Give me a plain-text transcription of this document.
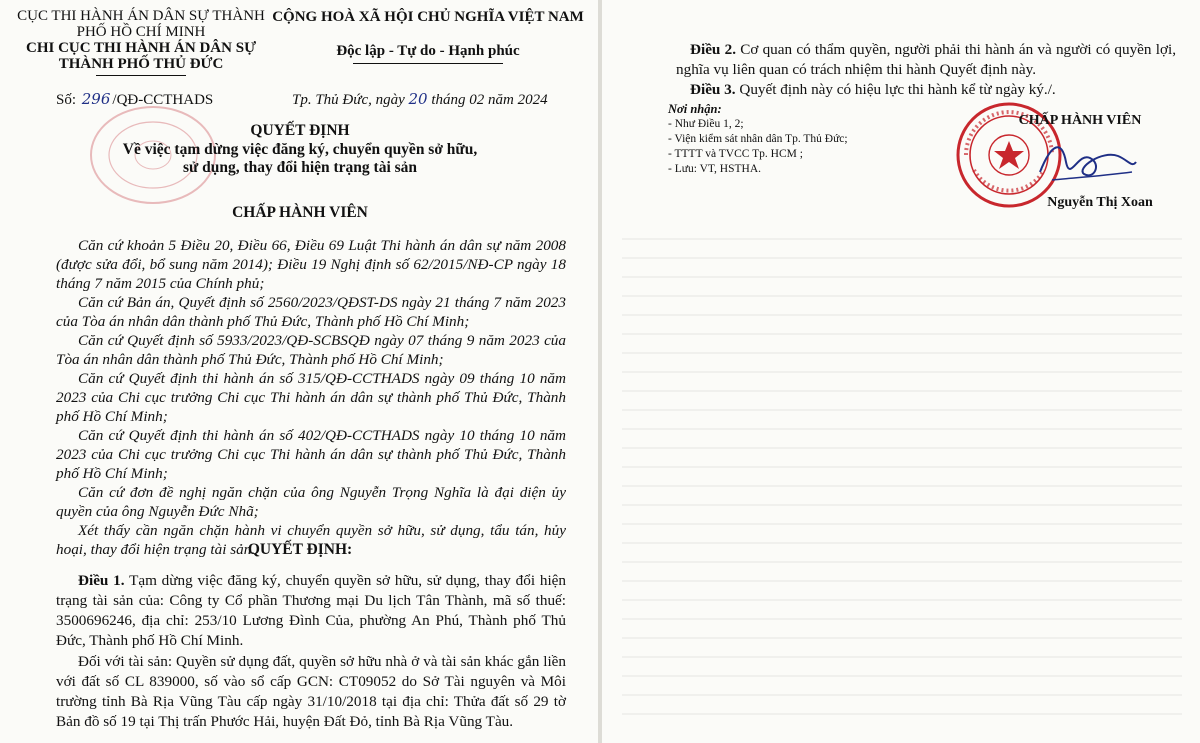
CỤC THI HÀNH ÁN DÂN SỰ THÀNH PHỐ HỒ CHÍ MINH
CHI CỤC THI HÀNH ÁN DÂN SỰ THÀNH PHỐ THỦ ĐỨC
CỘNG HOÀ XÃ HỘI CHỦ NGHĨA VIỆT NAM
Độc lập - Tự do - Hạnh phúc
Số: 296 /QĐ-CCTHADS	Tp. Thủ Đức, ngày 20 tháng 02 năm 2024
QUYẾT ĐỊNH
Về việc tạm dừng việc đăng ký, chuyển quyền sở hữu, sử dụng, thay đổi hiện trạng tài sản
CHẤP HÀNH VIÊN

Căn cứ khoản 5 Điều 20, Điều 66, Điều 69 Luật Thi hành án dân sự năm 2008 (được sửa đổi, bổ sung năm 2014); Điều 19 Nghị định số 62/2015/NĐ-CP ngày 18 tháng 7 năm 2015 của Chính phủ;

Căn cứ Bản án, Quyết định số 2560/2023/QĐST-DS ngày 21 tháng 7 năm 2023 của Tòa án nhân dân thành phố Thủ Đức, Thành phố Hồ Chí Minh;

Căn cứ Quyết định số 5933/2023/QĐ-SCBSQĐ ngày 07 tháng 9 năm 2023 của Tòa án nhân dân thành phố Thủ Đức, Thành phố Hồ Chí Minh;

Căn cứ Quyết định thi hành án số 315/QĐ-CCTHADS ngày 09 tháng 10 năm 2023 của Chi cục trưởng Chi cục Thi hành án dân sự thành phố Thủ Đức, Thành phố Hồ Chí Minh;

Căn cứ Quyết định thi hành án số 402/QĐ-CCTHADS ngày 10 tháng 10 năm 2023 của Chi cục trưởng Chi cục Thi hành án dân sự thành phố Thủ Đức, Thành phố Hồ Chí Minh;

Căn cứ đơn đề nghị ngăn chặn của ông Nguyễn Trọng Nghĩa là đại diện ủy quyền của ông Nguyễn Đức Nhã;

Xét thấy cần ngăn chặn hành vi chuyển quyền sở hữu, sử dụng, tẩu tán, hủy hoại, thay đổi hiện trạng tài sản.

QUYẾT ĐỊNH:

Điều 1. Tạm dừng việc đăng ký, chuyển quyền sở hữu, sử dụng, thay đổi hiện trạng tài sản của: Công ty Cổ phần Thương mại Du lịch Tân Thành, mã số thuế: 3500696246, địa chỉ: 253/10 Lương Đình Của, phường An Phú, Thành phố Thủ Đức, Thành phố Hồ Chí Minh.

Đối với tài sản: Quyền sử dụng đất, quyền sở hữu nhà ở và tài sản khác gắn liền với đất số CL 839000, số vào sổ cấp GCN: CT09052 do Sở Tài nguyên và Môi trường tỉnh Bà Rịa Vũng Tàu cấp ngày 31/10/2018 tại địa chỉ: Thửa đất số 29 tờ Bản đồ số 19 tại Thị trấn Phước Hải, huyện Đất Đỏ, tỉnh Bà Rịa Vũng Tàu.

Điều 2. Cơ quan có thẩm quyền, người phải thi hành án và người có quyền lợi, nghĩa vụ liên quan có trách nhiệm thi hành Quyết định này.

Điều 3. Quyết định này có hiệu lực thi hành kể từ ngày ký./.

Nơi nhận:
- Như Điều 1, 2;
- Viện kiểm sát nhân dân Tp. Thủ Đức;
- TTTT và TVCC Tp. HCM ;
- Lưu: VT, HSTHA.
CHẤP HÀNH VIÊN
Nguyễn Thị Xoan
